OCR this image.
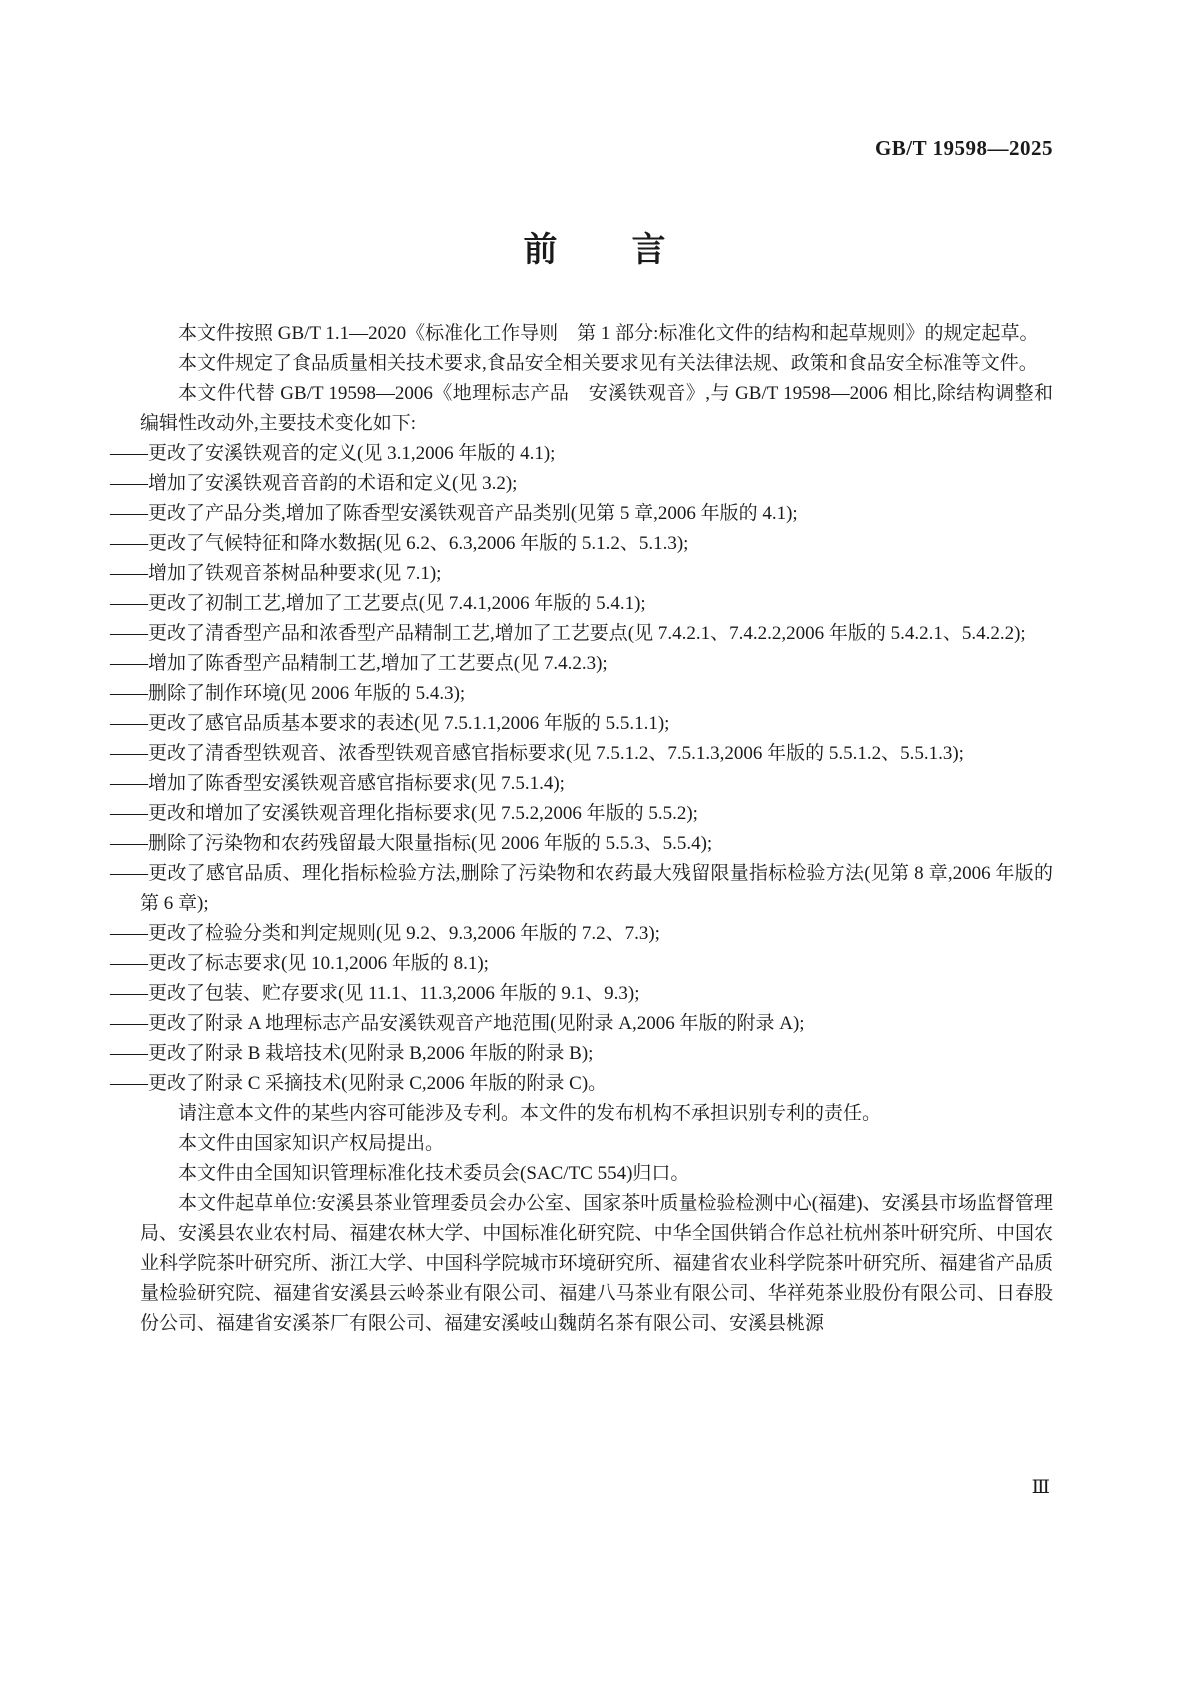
GB/T 19598—2025
前　　言

本文件按照 GB/T 1.1—2020《标准化工作导则　第 1 部分:标准化文件的结构和起草规则》的规定起草。

本文件规定了食品质量相关技术要求,食品安全相关要求见有关法律法规、政策和食品安全标准等文件。

本文件代替 GB/T 19598—2006《地理标志产品　安溪铁观音》,与 GB/T 19598—2006 相比,除结构调整和编辑性改动外,主要技术变化如下:

——更改了安溪铁观音的定义(见 3.1,2006 年版的 4.1);

——增加了安溪铁观音音韵的术语和定义(见 3.2);

——更改了产品分类,增加了陈香型安溪铁观音产品类别(见第 5 章,2006 年版的 4.1);

——更改了气候特征和降水数据(见 6.2、6.3,2006 年版的 5.1.2、5.1.3);

——增加了铁观音茶树品种要求(见 7.1);

——更改了初制工艺,增加了工艺要点(见 7.4.1,2006 年版的 5.4.1);

——更改了清香型产品和浓香型产品精制工艺,增加了工艺要点(见 7.4.2.1、7.4.2.2,2006 年版的 5.4.2.1、5.4.2.2);

——增加了陈香型产品精制工艺,增加了工艺要点(见 7.4.2.3);

——删除了制作环境(见 2006 年版的 5.4.3);

——更改了感官品质基本要求的表述(见 7.5.1.1,2006 年版的 5.5.1.1);

——更改了清香型铁观音、浓香型铁观音感官指标要求(见 7.5.1.2、7.5.1.3,2006 年版的 5.5.1.2、5.5.1.3);

——增加了陈香型安溪铁观音感官指标要求(见 7.5.1.4);

——更改和增加了安溪铁观音理化指标要求(见 7.5.2,2006 年版的 5.5.2);

——删除了污染物和农药残留最大限量指标(见 2006 年版的 5.5.3、5.5.4);

——更改了感官品质、理化指标检验方法,删除了污染物和农药最大残留限量指标检验方法(见第 8 章,2006 年版的第 6 章);

——更改了检验分类和判定规则(见 9.2、9.3,2006 年版的 7.2、7.3);

——更改了标志要求(见 10.1,2006 年版的 8.1);

——更改了包装、贮存要求(见 11.1、11.3,2006 年版的 9.1、9.3);

——更改了附录 A 地理标志产品安溪铁观音产地范围(见附录 A,2006 年版的附录 A);

——更改了附录 B 栽培技术(见附录 B,2006 年版的附录 B);

——更改了附录 C 采摘技术(见附录 C,2006 年版的附录 C)。

请注意本文件的某些内容可能涉及专利。本文件的发布机构不承担识别专利的责任。

本文件由国家知识产权局提出。

本文件由全国知识管理标准化技术委员会(SAC/TC 554)归口。

本文件起草单位:安溪县茶业管理委员会办公室、国家茶叶质量检验检测中心(福建)、安溪县市场监督管理局、安溪县农业农村局、福建农林大学、中国标准化研究院、中华全国供销合作总社杭州茶叶研究所、中国农业科学院茶叶研究所、浙江大学、中国科学院城市环境研究所、福建省农业科学院茶叶研究所、福建省产品质量检验研究院、福建省安溪县云岭茶业有限公司、福建八马茶业有限公司、华祥苑茶业股份有限公司、日春股份公司、福建省安溪茶厂有限公司、福建安溪岐山魏荫名茶有限公司、安溪县桃源

Ⅲ
